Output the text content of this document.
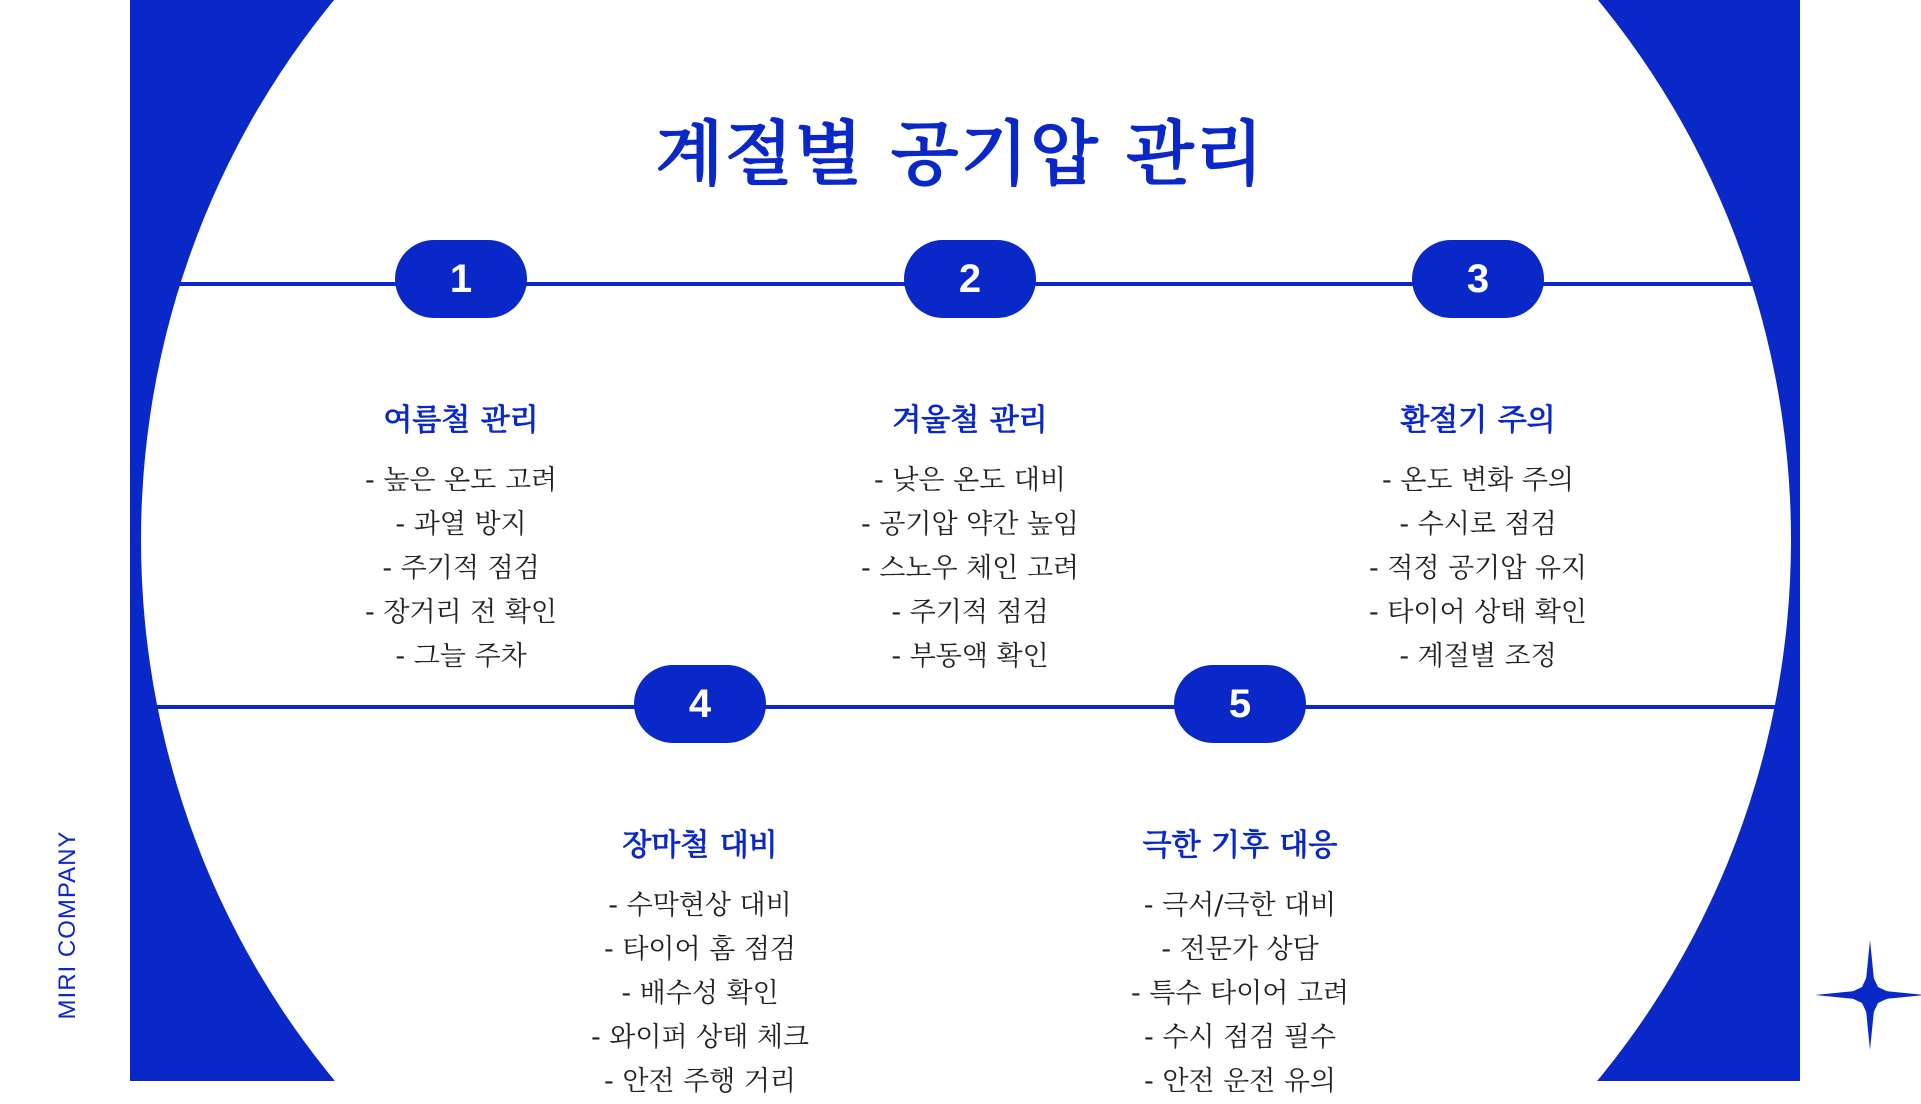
계절별 공기압 관리
1	2	3
4	5
여름철 관리
- 높은 온도 고려
- 과열 방지
- 주기적 점검
- 장거리 전 확인
- 그늘 주차
겨울철 관리
- 낮은 온도 대비
- 공기압 약간 높임
- 스노우 체인 고려
- 주기적 점검
- 부동액 확인
환절기 주의
- 온도 변화 주의
- 수시로 점검
- 적정 공기압 유지
- 타이어 상태 확인
- 계절별 조정
장마철 대비
- 수막현상 대비
- 타이어 홈 점검
- 배수성 확인
- 와이퍼 상태 체크
- 안전 주행 거리
극한 기후 대응
- 극서/극한 대비
- 전문가 상담
- 특수 타이어 고려
- 수시 점검 필수
- 안전 운전 유의
MIRI COMPANY
